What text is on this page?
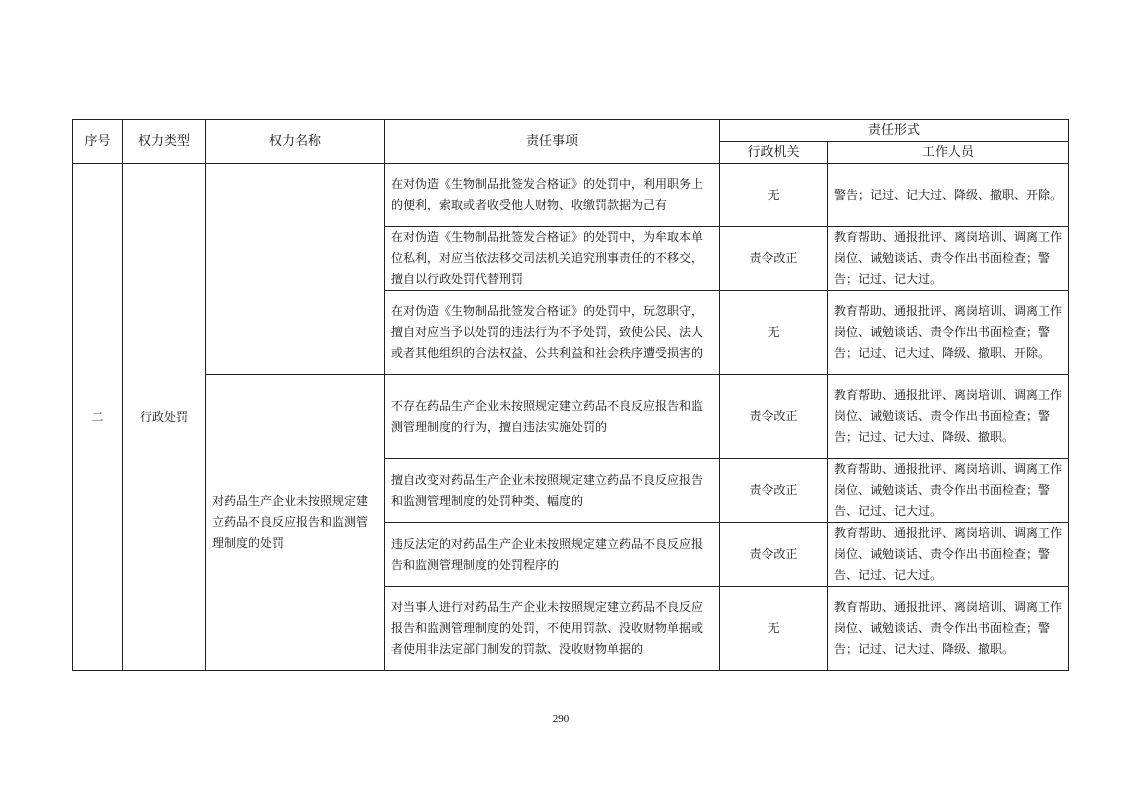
序号	权力类型	权力名称	责任事项	责任形式	
				行政机关	工作人员
二	行政处罚		在对伪造《生物制品批签发合格证》的处罚中，利用职务上的便利，索取或者收受他人财物、收缴罚款据为己有	无	警告；记过、记大过、降级、撤职、开除。
			在对伪造《生物制品批签发合格证》的处罚中，为牟取本单位私利，对应当依法移交司法机关追究刑事责任的不移交，擅自以行政处罚代替刑罚	责令改正	教育帮助、通报批评、离岗培训、调离工作岗位、诫勉谈话、责令作出书面检查；警告；记过、记大过。
			在对伪造《生物制品批签发合格证》的处罚中，玩忽职守，擅自对应当予以处罚的违法行为不予处罚，致使公民、法人或者其他组织的合法权益、公共利益和社会秩序遭受损害的	无	教育帮助、通报批评、离岗培训、调离工作岗位、诫勉谈话、责令作出书面检查；警告；记过、记大过、降级、撤职、开除。
		对药品生产企业未按照规定建立药品不良反应报告和监测管理制度的处罚	不存在药品生产企业未按照规定建立药品不良反应报告和监测管理制度的行为，擅自违法实施处罚的	责令改正	教育帮助、通报批评、离岗培训、调离工作岗位、诫勉谈话、责令作出书面检查；警告；记过、记大过、降级、撤职。
			擅自改变对药品生产企业未按照规定建立药品不良反应报告和监测管理制度的处罚种类、幅度的	责令改正	教育帮助、通报批评、离岗培训、调离工作岗位、诫勉谈话、责令作出书面检查；警告、记过、记大过。
			违反法定的对药品生产企业未按照规定建立药品不良反应报告和监测管理制度的处罚程序的	责令改正	教育帮助、通报批评、离岗培训、调离工作岗位、诫勉谈话、责令作出书面检查；警告、记过、记大过。
			对当事人进行对药品生产企业未按照规定建立药品不良反应报告和监测管理制度的处罚，不使用罚款、没收财物单据或者使用非法定部门制发的罚款、没收财物单据的	无	教育帮助、通报批评、离岗培训、调离工作岗位、诫勉谈话、责令作出书面检查；警告；记过、记大过、降级、撤职。
290
